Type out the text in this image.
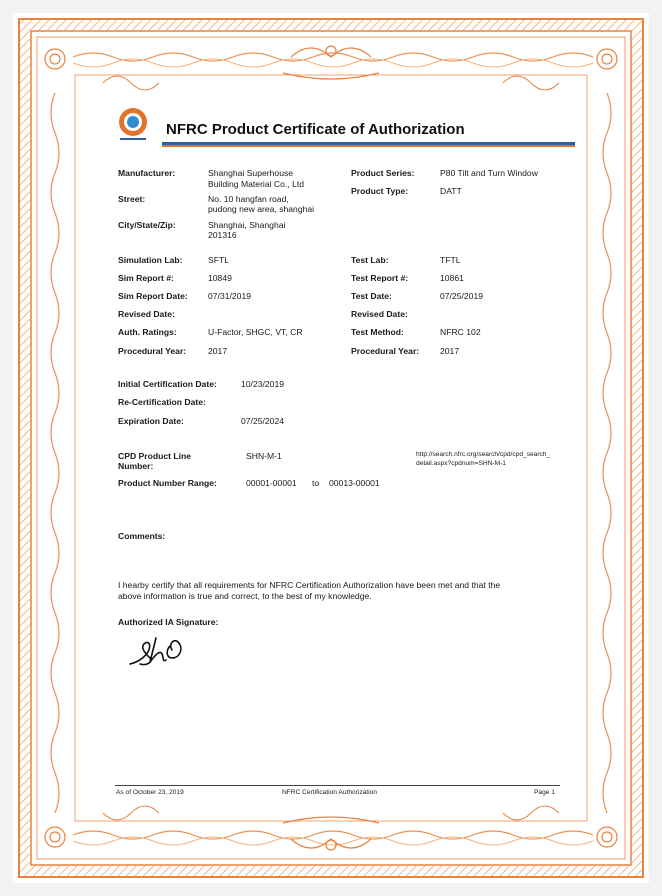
NFRC Product Certificate of Authorization
Manufacturer:	Shanghai Superhouse
Building Material Co., Ltd
Street:	No. 10 hangfan road,
pudong new area, shanghai
City/State/Zip:	Shanghai, Shanghai
201316
Product Series:	P80 Tilt and Turn Window
Product Type:	DATT
Simulation Lab:	SFTL
Sim Report #:	10849
Sim Report Date: 07/31/2019
Revised Date:
Auth. Ratings:	U-Factor, SHGC, VT, CR
Procedural Year:	2017
Test Lab:	TFTL
Test Report #:	10861
Test Date:	07/25/2019
Revised Date:
Test Method:	NFRC 102
Procedural Year: 2017
Initial Certification Date:	10/23/2019
Re-Certification Date:
Expiration Date:	07/25/2024
CPD Product Line
Number:
SHN-M-1	http://search.nfrc.org/search/cpd/cpd_search_
detail.aspx?cpdnum=SHN-M-1
Product Number Range:	00001-00001 to 00013-00001
Comments:
I hearby certify that all requirements for NFRC Certification Authorization have been met and that the
above information is true and correct, to the best of my knowledge.
Authorized IA Signature:
As of October 23, 2019	NFRC Certification Authorization	Page 1
